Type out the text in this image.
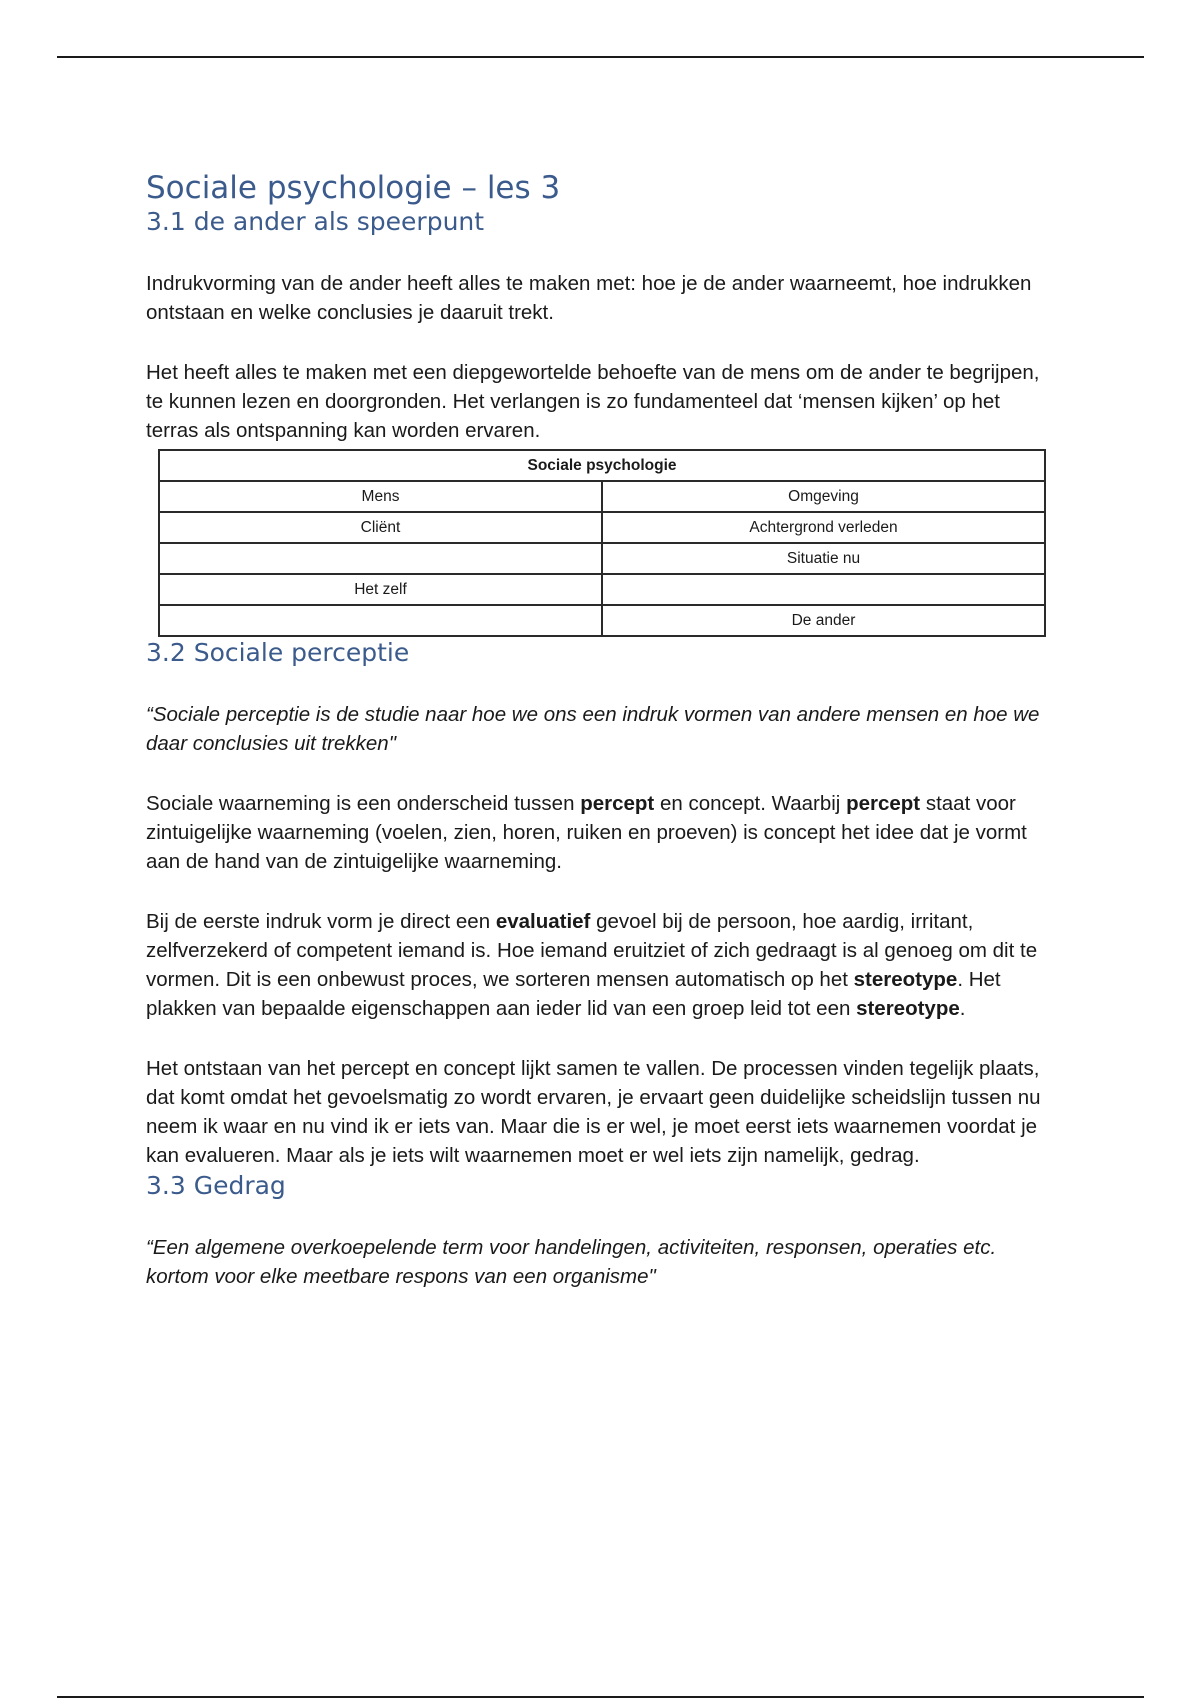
Sociale psychologie – les 3
3.1 de ander als speerpunt

Indrukvorming van de ander heeft alles te maken met: hoe je de ander waarneemt, hoe indrukken ontstaan en welke conclusies je daaruit trekt.

Het heeft alles te maken met een diepgewortelde behoefte van de mens om de ander te begrijpen, te kunnen lezen en doorgronden. Het verlangen is zo fundamenteel dat ‘mensen kijken’ op het terras als ontspanning kan worden ervaren.

Sociale psychologie	
Mens	Omgeving
Cliënt	Achtergrond verleden
	Situatie nu
Het zelf	
	De ander
3.2 Sociale perceptie

“Sociale perceptie is de studie naar hoe we ons een indruk vormen van andere mensen en hoe we daar conclusies uit trekken"

Sociale waarneming is een onderscheid tussen percept en concept. Waarbij percept staat voor zintuigelijke waarneming (voelen, zien, horen, ruiken en proeven) is concept het idee dat je vormt aan de hand van de zintuigelijke waarneming.

Bij de eerste indruk vorm je direct een evaluatief gevoel bij de persoon, hoe aardig, irritant, zelfverzekerd of competent iemand is. Hoe iemand eruitziet of zich gedraagt is al genoeg om dit te vormen. Dit is een onbewust proces, we sorteren mensen automatisch op het stereotype. Het plakken van bepaalde eigenschappen aan ieder lid van een groep leid tot een stereotype.

Het ontstaan van het percept en concept lijkt samen te vallen. De processen vinden tegelijk plaats, dat komt omdat het gevoelsmatig zo wordt ervaren, je ervaart geen duidelijke scheidslijn tussen nu neem ik waar en nu vind ik er iets van. Maar die is er wel, je moet eerst iets waarnemen voordat je kan evalueren. Maar als je iets wilt waarnemen moet er wel iets zijn namelijk, gedrag.

3.3 Gedrag

“Een algemene overkoepelende term voor handelingen, activiteiten, responsen, operaties etc. kortom voor elke meetbare respons van een organisme"
